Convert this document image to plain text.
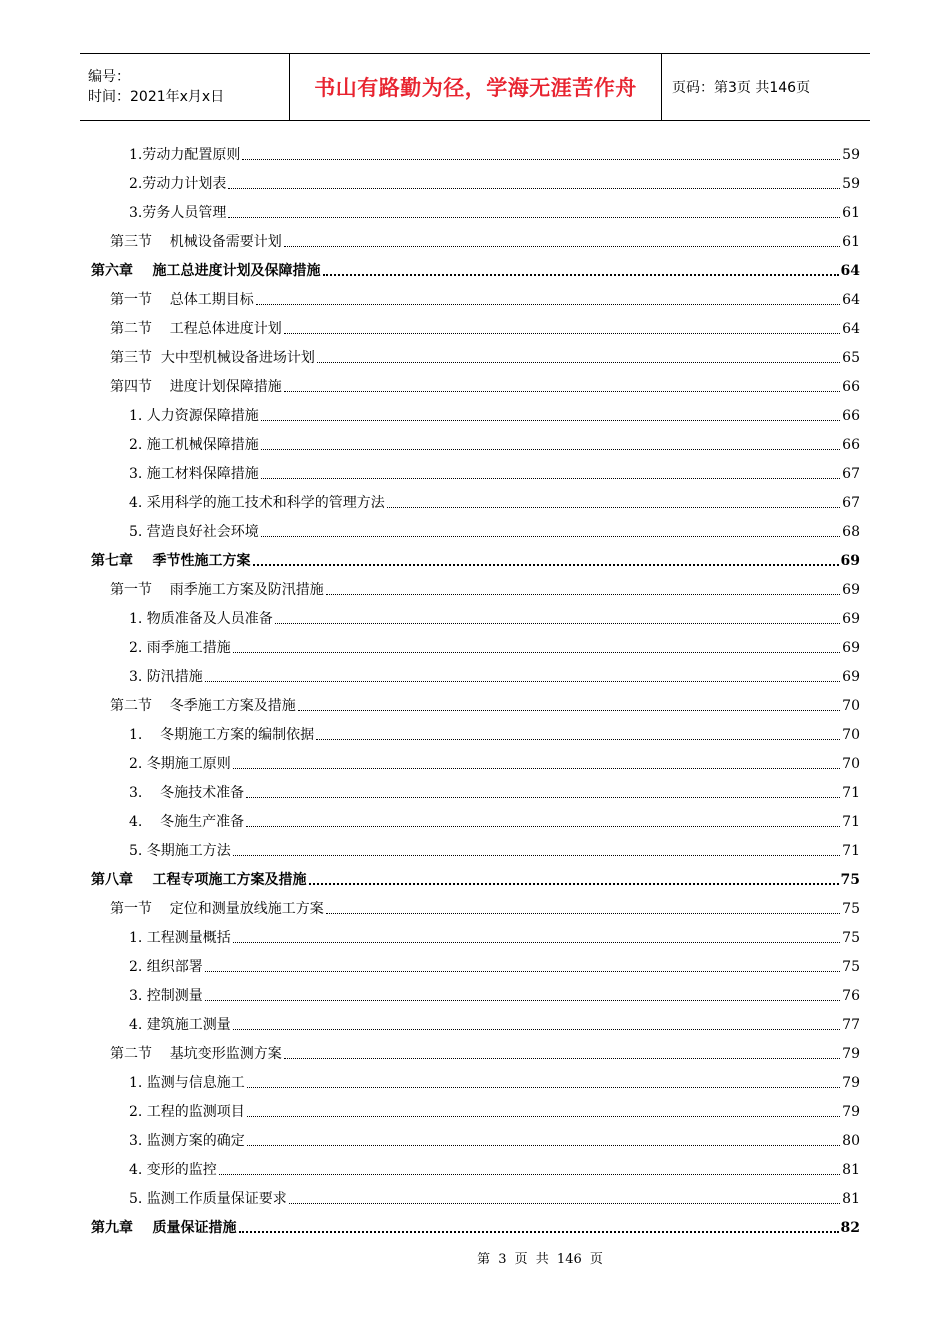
编号：
时间：2021年x月x日	书山有路勤为径，学海无涯苦作舟	页码：第3页 共146页
1.劳动力配置原则	59
2.劳动力计划表	59
3.劳务人员管理	61
第三节    机械设备需要计划	61
第六章    施工总进度计划及保障措施	64
第一节    总体工期目标	64
第二节    工程总体进度计划	64
第三节  大中型机械设备进场计划	65
第四节    进度计划保障措施	66
1. 人力资源保障措施	66
2. 施工机械保障措施	66
3. 施工材料保障措施	67
4. 采用科学的施工技术和科学的管理方法	67
5. 营造良好社会环境	68
第七章    季节性施工方案	69
第一节    雨季施工方案及防汛措施	69
1. 物质准备及人员准备	69
2. 雨季施工措施	69
3. 防汛措施	69
第二节    冬季施工方案及措施	70
1.    冬期施工方案的编制依据	70
2. 冬期施工原则	70
3.    冬施技术准备	71
4.    冬施生产准备	71
5. 冬期施工方法	71
第八章    工程专项施工方案及措施	75
第一节    定位和测量放线施工方案	75
1. 工程测量概括	75
2. 组织部署	75
3. 控制测量	76
4. 建筑施工测量	77
第二节    基坑变形监测方案	79
1. 监测与信息施工	79
2. 工程的监测项目	79
3. 监测方案的确定	80
4. 变形的监控	81
5. 监测工作质量保证要求	81
第九章    质量保证措施	82
第 3 页 共 146 页
